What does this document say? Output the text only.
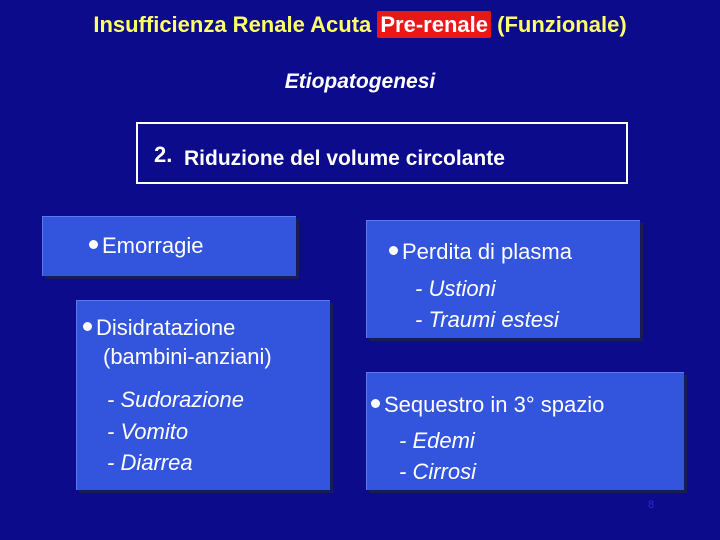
Insufficienza Renale Acuta Pre-renale (Funzionale)
Etiopatogenesi
2. Riduzione del volume circolante
Emorragie
Disidratazione
(bambini-anziani)
- Sudorazione
- Vomito
- Diarrea
Perdita di plasma
- Ustioni
- Traumi estesi
Sequestro in 3° spazio
- Edemi
- Cirrosi
8
